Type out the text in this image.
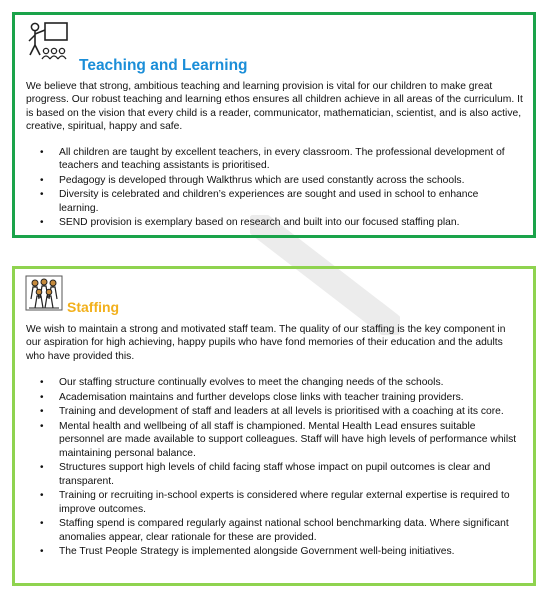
Teaching and Learning

We believe that strong, ambitious teaching and learning provision is vital for our children to make great progress. Our robust teaching and learning ethos ensures all children achieve in all areas of the curriculum. It is based on the vision that every child is a reader, communicator, mathematician, scientist, and is also active, creative, spiritual, happy and safe.

• All children are taught by excellent teachers, in every classroom. The professional development of teachers and teaching assistants is prioritised.
• Pedagogy is developed through Walkthrus which are used constantly across the schools.
• Diversity is celebrated and children’s experiences are sought and used in school to enhance learning.
• SEND provision is exemplary based on research and built into our focused staffing plan.
Staffing

We wish to maintain a strong and motivated staff team. The quality of our staffing is the key component in our aspiration for high achieving, happy pupils who have fond memories of their education and the adults who have provided this.

• Our staffing structure continually evolves to meet the changing needs of the schools.
• Academisation maintains and further develops close links with teacher training providers.
• Training and development of staff and leaders at all levels is prioritised with a coaching at its core.
• Mental health and wellbeing of all staff is championed. Mental Health Lead ensures suitable personnel are made available to support colleagues. Staff will have high levels of performance whilst maintaining personal balance.
• Structures support high levels of child facing staff whose impact on pupil outcomes is clear and transparent.
• Training or recruiting in-school experts is considered where regular external expertise is required to improve outcomes.
• Staffing spend is compared regularly against national school benchmarking data. Where significant anomalies appear, clear rationale for these are provided.
• The Trust People Strategy is implemented alongside Government well-being initiatives.
